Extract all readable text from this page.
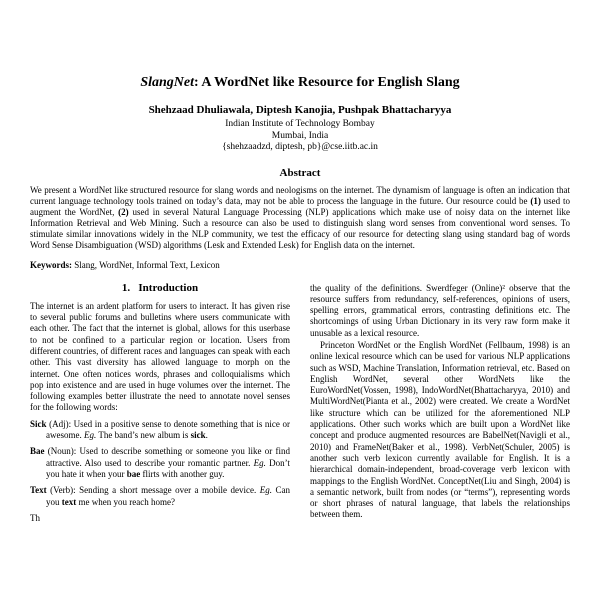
SlangNet: A WordNet like Resource for English Slang
Shehzaad Dhuliawala, Diptesh Kanojia, Pushpak Bhattacharyya
Indian Institute of Technology Bombay
Mumbai, India
{shehzaadzd, diptesh, pb}@cse.iitb.ac.in
Abstract

We present a WordNet like structured resource for slang words and neologisms on the internet. The dynamism of language is often an indication that current language technology tools trained on today’s data, may not be able to process the language in the future. Our resource could be (1) used to augment the WordNet, (2) used in several Natural Language Processing (NLP) applications which make use of noisy data on the internet like Information Retrieval and Web Mining. Such a resource can also be used to distinguish slang word senses from conventional word senses. To stimulate similar innovations widely in the NLP community, we test the efficacy of our resource for detecting slang using standard bag of words Word Sense Disambiguation (WSD) algorithms (Lesk and Extended Lesk) for English data on the internet.

Keywords: Slang, WordNet, Informal Text, Lexicon

1.   Introduction

The internet is an ardent platform for users to interact. It has given rise to several public forums and bulletins where users communicate with each other. The fact that the internet is global, allows for this userbase to not be confined to a particular region or location. Users from different countries, of different races and languages can speak with each other. This vast diversity has allowed language to morph on the internet. One often notices words, phrases and colloquialisms which pop into existence and are used in huge volumes over the internet. The following examples better illustrate the need to annotate novel senses for the following words:

Sick (Adj): Used in a positive sense to denote something that is nice or awesome. Eg. The band’s new album is sick.

Bae (Noun): Used to describe something or someone you like or find attractive. Also used to describe your romantic partner. Eg. Don’t you hate it when your bae flirts with another guy.

Text (Verb): Sending a short message over a mobile device. Eg. Can you text me when you reach home?

Th

the quality of the definitions. Swerdfeger (Online)² observe that the resource suffers from redundancy, self-references, opinions of users, spelling errors, grammatical errors, contrasting definitions etc. The shortcomings of using Urban Dictionary in its very raw form make it unusable as a lexical resource.

Princeton WordNet or the English WordNet (Fellbaum, 1998) is an online lexical resource which can be used for various NLP applications such as WSD, Machine Translation, Information retrieval, etc. Based on English WordNet, several other WordNets like the EuroWordNet(Vossen, 1998), IndoWordNet(Bhattacharyya, 2010) and MultiWordNet(Pianta et al., 2002) were created. We create a WordNet like structure which can be utilized for the aforementioned NLP applications. Other such works which are built upon a WordNet like concept and produce augmented resources are BabelNet(Navigli et al., 2010) and FrameNet(Baker et al., 1998). VerbNet(Schuler, 2005) is another such verb lexicon currently available for English. It is a hierarchical domain-independent, broad-coverage verb lexicon with mappings to the English WordNet. ConceptNet(Liu and Singh, 2004) is a semantic network, built from nodes (or “terms”), representing words or short phrases of natural language, that labels the relationships between them.
